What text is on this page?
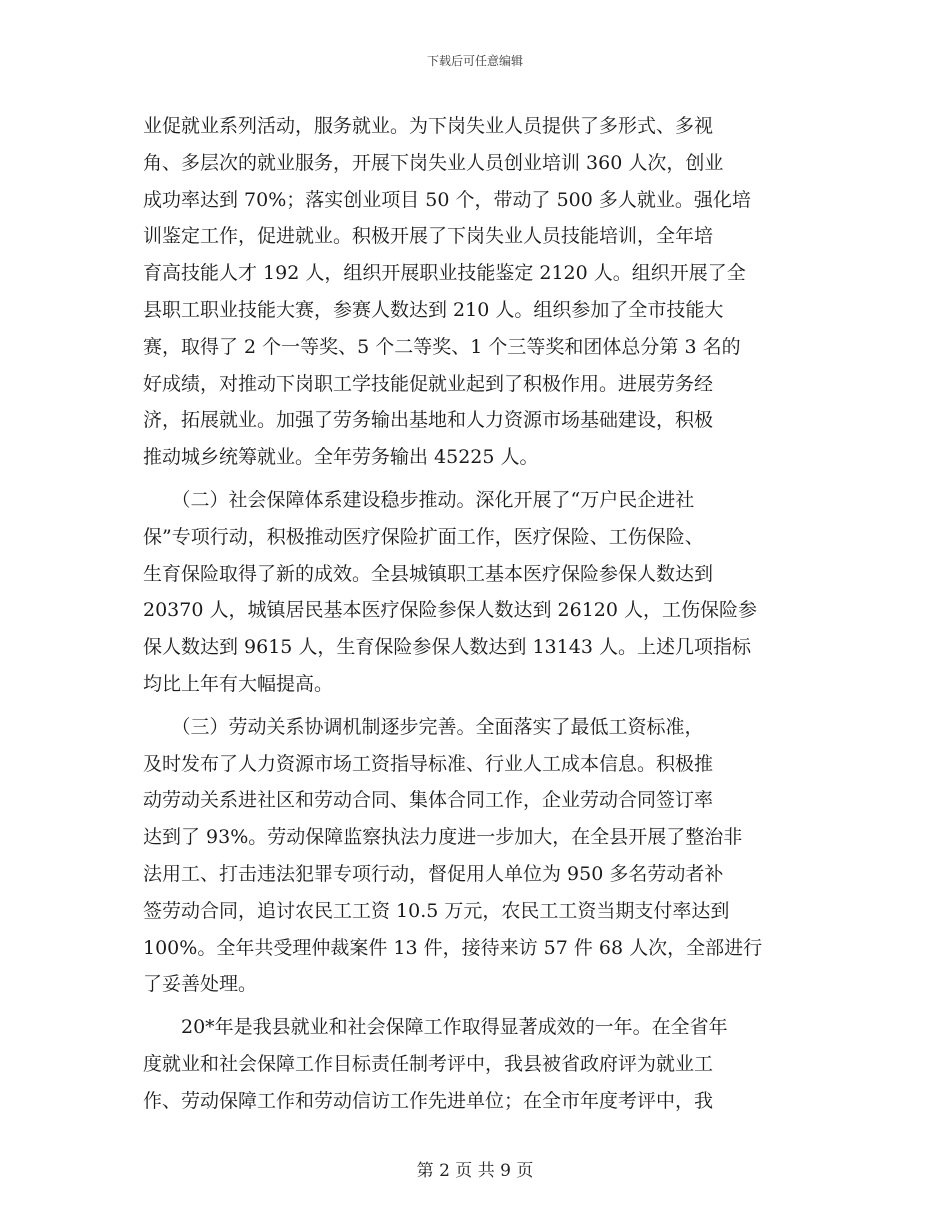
下载后可任意编辑
业促就业系列活动，服务就业。为下岗失业人员提供了多形式、多视
角、多层次的就业服务，开展下岗失业人员创业培训 360 人次，创业
成功率达到 70%；落实创业项目 50 个，带动了 500 多人就业。强化培
训鉴定工作，促进就业。积极开展了下岗失业人员技能培训，全年培
育高技能人才 192 人，组织开展职业技能鉴定 2120 人。组织开展了全
县职工职业技能大赛，参赛人数达到 210 人。组织参加了全市技能大
赛，取得了 2 个一等奖、5 个二等奖、1 个三等奖和团体总分第 3 名的
好成绩，对推动下岗职工学技能促就业起到了积极作用。进展劳务经
济，拓展就业。加强了劳务输出基地和人力资源市场基础建设，积极
推动城乡统筹就业。全年劳务输出 45225 人。
　　（二）社会保障体系建设稳步推动。深化开展了“万户民企进社
保”专项行动，积极推动医疗保险扩面工作，医疗保险、工伤保险、
生育保险取得了新的成效。全县城镇职工基本医疗保险参保人数达到
20370 人，城镇居民基本医疗保险参保人数达到 26120 人，工伤保险参
保人数达到 9615 人，生育保险参保人数达到 13143 人。上述几项指标
均比上年有大幅提高。
　　（三）劳动关系协调机制逐步完善。全面落实了最低工资标准，
及时发布了人力资源市场工资指导标准、行业人工成本信息。积极推
动劳动关系进社区和劳动合同、集体合同工作，企业劳动合同签订率
达到了 93%。劳动保障监察执法力度进一步加大，在全县开展了整治非
法用工、打击违法犯罪专项行动，督促用人单位为 950 多名劳动者补
签劳动合同，追讨农民工工资 10.5 万元，农民工工资当期支付率达到
100%。全年共受理仲裁案件 13 件，接待来访 57 件 68 人次，全部进行
了妥善处理。
　　20*年是我县就业和社会保障工作取得显著成效的一年。在全省年
度就业和社会保障工作目标责任制考评中，我县被省政府评为就业工
作、劳动保障工作和劳动信访工作先进单位；在全市年度考评中，我
第 2 页 共 9 页
